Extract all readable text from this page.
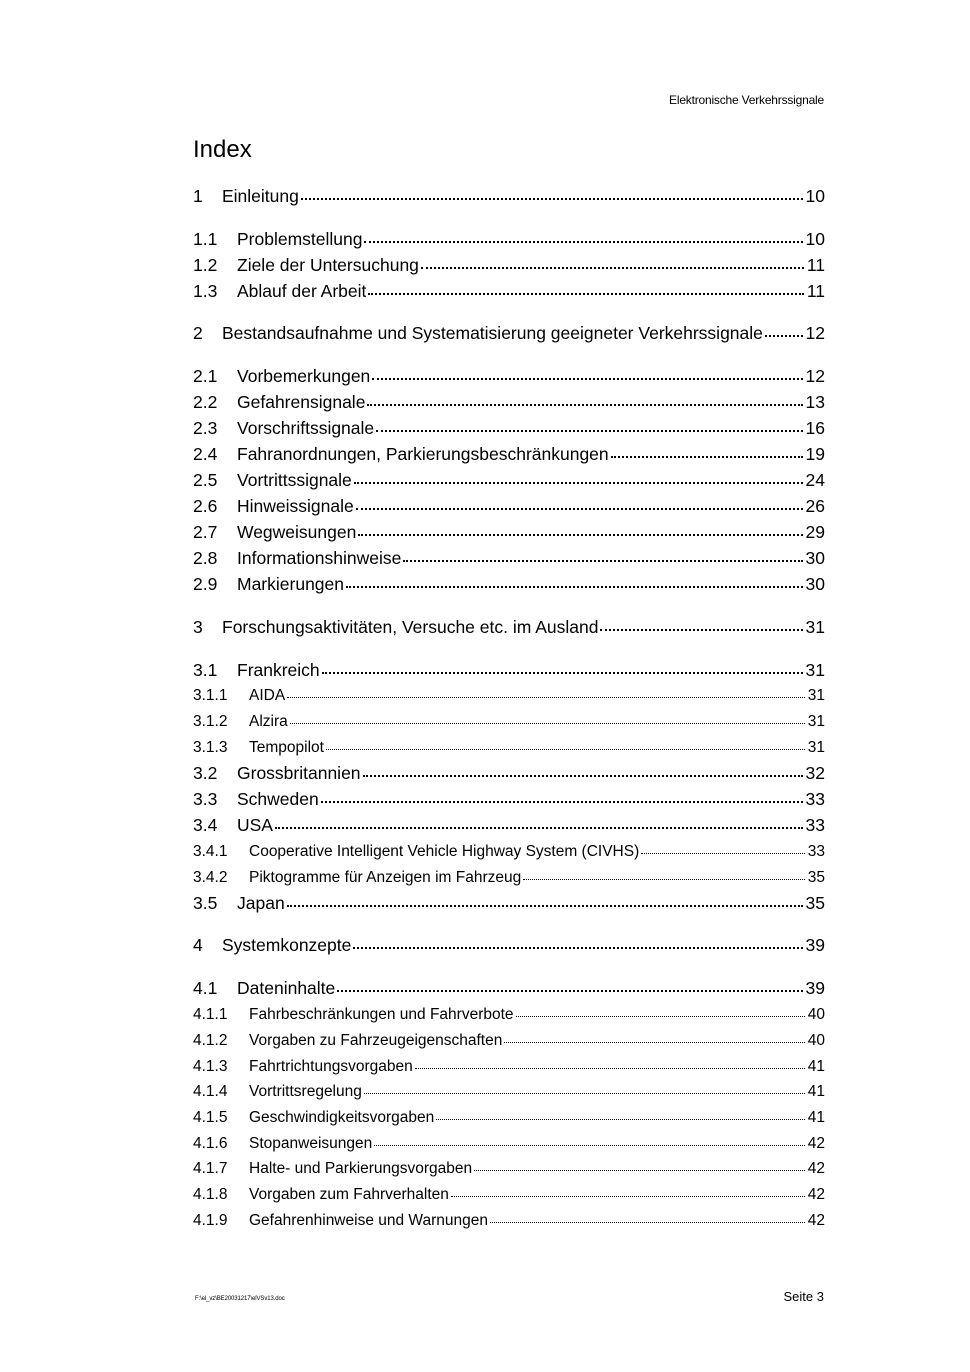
Elektronische Verkehrssignale
Index
1	Einleitung	10
1.1	Problemstellung	10
1.2	Ziele der Untersuchung	11
1.3	Ablauf der Arbeit	11
2	Bestandsaufnahme und Systematisierung geeigneter Verkehrssignale 12
2.1	Vorbemerkungen	12
2.2	Gefahrensignale	13
2.3	Vorschriftssignale	16
2.4	Fahranordnungen, Parkierungsbeschränkungen	19
2.5	Vortrittssignale	24
2.6	Hinweissignale	26
2.7	Wegweisungen	29
2.8	Informationshinweise	30
2.9	Markierungen	30
3	Forschungsaktivitäten, Versuche etc. im Ausland	31
3.1	Frankreich	31
3.1.1	AIDA	31
3.1.2	Alzira	31
3.1.3	Tempopilot	31
3.2	Grossbritannien	32
3.3	Schweden	33
3.4	USA	33
3.4.1	Cooperative Intelligent Vehicle Highway System (CIVHS)	33
3.4.2	Piktogramme für Anzeigen im Fahrzeug	35
3.5	Japan	35
4	Systemkonzepte	39
4.1	Dateninhalte	39
4.1.1	Fahrbeschränkungen und Fahrverbote	40
4.1.2	Vorgaben zu Fahrzeugeigenschaften	40
4.1.3	Fahrtrichtungsvorgaben	41
4.1.4	Vortrittsregelung	41
4.1.5	Geschwindigkeitsvorgaben	41
4.1.6	Stopanweisungen	42
4.1.7	Halte- und Parkierungsvorgaben	42
4.1.8	Vorgaben zum Fahrverhalten	42
4.1.9	Gefahrenhinweise und Warnungen	42
F:\el_vz\BE20031217\elVSv13.doc	Seite 3
